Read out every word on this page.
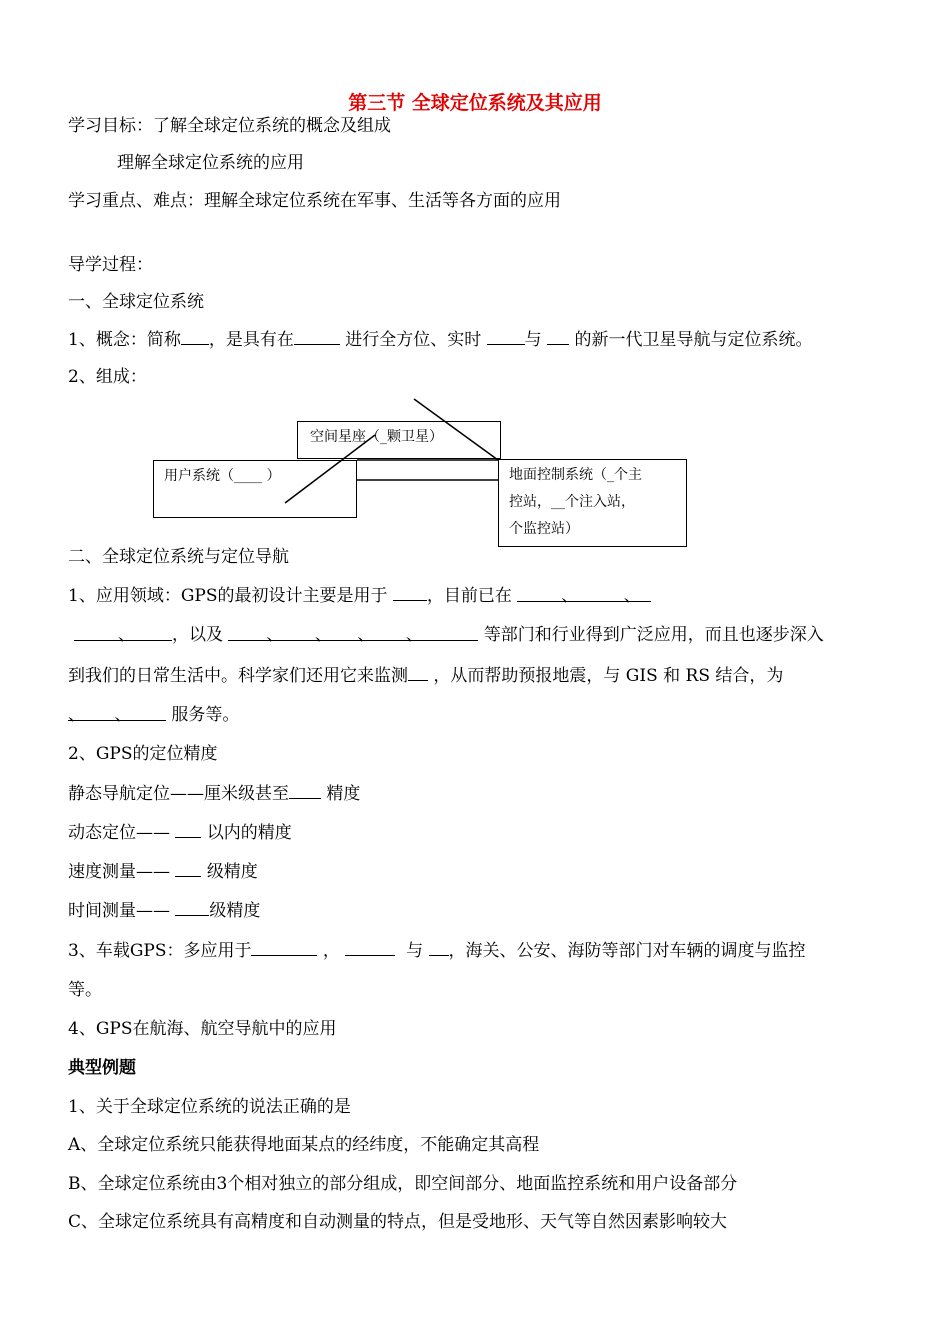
第三节 全球定位系统及其应用
学习目标：了解全球定位系统的概念及组成
理解全球定位系统的应用
学习重点、难点：理解全球定位系统在军事、生活等各方面的应用
导学过程：
一、全球定位系统
1、概念：简称 ，是具有在	进行全方位、实时	与 的新一代卫星导航与定位系统。
2、组成：
空间星座（_颗卫星）
用户系统（____ ）	地面控制系统（_个主
控站，__个注入站，
个监控站）
二、全球定位系统与定位导航
1、应用领域：GPS的最初设计主要是用于 ，目前已在	、	、
、 ，以及	、 、 、 、	等部门和行业得到广泛应用，而且也逐步深入
到我们的日常生活中。科学家们还用它来监测 ，从而帮助预报地震，与 GIS 和 RS 结合，为
、 、 服务等。
2、GPS的定位精度
静态导航定位——厘米级甚至 精度
动态定位—— 以内的精度
速度测量—— 级精度
时间测量—— 级精度
3、车载GPS：多应用于	，	与 ，海关、公安、海防等部门对车辆的调度与监控
等。
4、GPS在航海、航空导航中的应用
典型例题
1、关于全球定位系统的说法正确的是
A、全球定位系统只能获得地面某点的经纬度，不能确定其高程
B、全球定位系统由3个相对独立的部分组成，即空间部分、地面监控系统和用户设备部分
C、全球定位系统具有高精度和自动测量的特点，但是受地形、天气等自然因素影响较大
